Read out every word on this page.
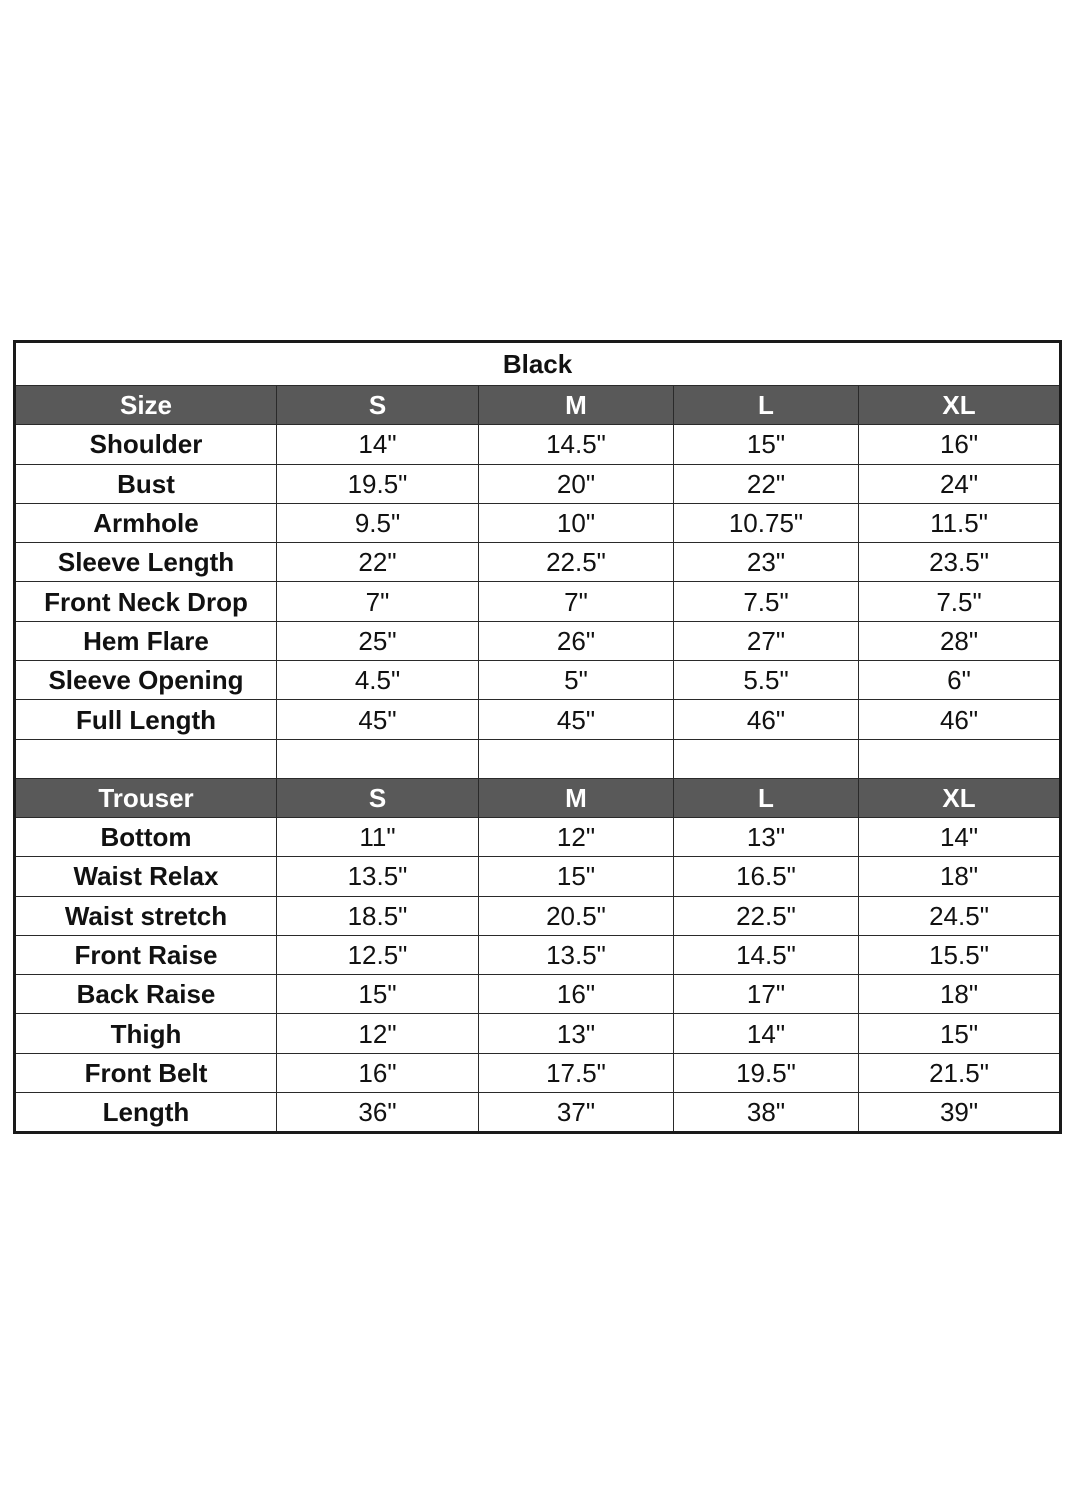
Black				
Size	S	M	L	XL
Shoulder	14"	14.5"	15"	16"
Bust	19.5"	20"	22"	24"
Armhole	9.5"	10"	10.75"	11.5"
Sleeve Length	22"	22.5"	23"	23.5"
Front Neck Drop	7"	7"	7.5"	7.5"
Hem Flare	25"	26"	27"	28"
Sleeve Opening	4.5"	5"	5.5"	6"
Full Length	45"	45"	46"	46"

Trouser	S	M	L	XL
Bottom	11"	12"	13"	14"
Waist Relax	13.5"	15"	16.5"	18"
Waist stretch	18.5"	20.5"	22.5"	24.5"
Front Raise	12.5"	13.5"	14.5"	15.5"
Back Raise	15"	16"	17"	18"
Thigh	12"	13"	14"	15"
Front Belt	16"	17.5"	19.5"	21.5"
Length	36"	37"	38"	39"
